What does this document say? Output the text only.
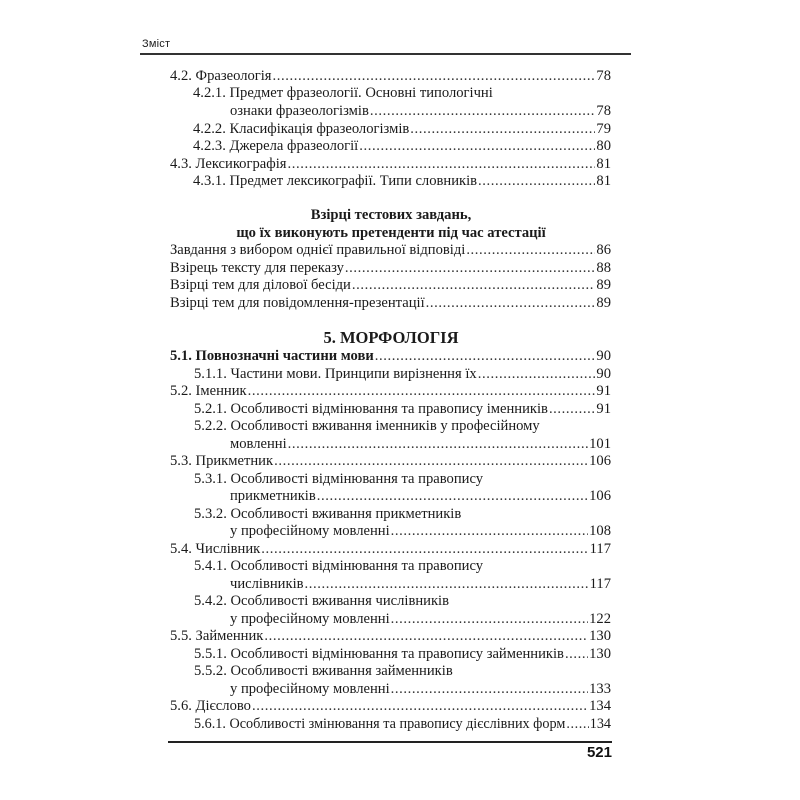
Зміст
4.2. Фразеологія .....	78
4.2.1. Предмет фразеології. Основні типологічні
ознаки фразеологізмів .....	78
4.2.2. Класифікація фразеологізмів .....	79
4.2.3. Джерела фразеології .....	80
4.3. Лексикографія .....	81
4.3.1. Предмет лексикографії. Типи словників .....	81
Взірці тестових завдань,
що їх виконують претенденти під час атестації
Завдання з вибором однієї правильної відповіді .....	86
Взірець тексту для переказу .....	88
Взірці тем для ділової бесіди .....	89
Взірці тем для повідомлення-презентації .....	89
5. МОРФОЛОГІЯ
5.1. Повнозначні частини мови .....	90
5.1.1. Частини мови. Принципи вирізнення їх .....	90
5.2. Іменник .....	91
5.2.1. Особливості відмінювання та правопису іменників .....	91
5.2.2. Особливості вживання іменників у професійному
мовленні .....	101
5.3. Прикметник .....	106
5.3.1. Особливості відмінювання та правопису
прикметників .....	106
5.3.2. Особливості вживання прикметників
у професійному мовленні .....	108
5.4. Числівник .....	117
5.4.1. Особливості відмінювання та правопису
числівників .....	117
5.4.2. Особливості вживання числівників
у професійному мовленні .....	122
5.5. Займенник .....	130
5.5.1. Особливості відмінювання та правопису займенників ..... 130
5.5.2. Особливості вживання займенників
у професійному мовленні .....	133
5.6. Дієслово .....	134
5.6.1. Особливості змінювання та правопису дієслівних форм ..... 134
521
